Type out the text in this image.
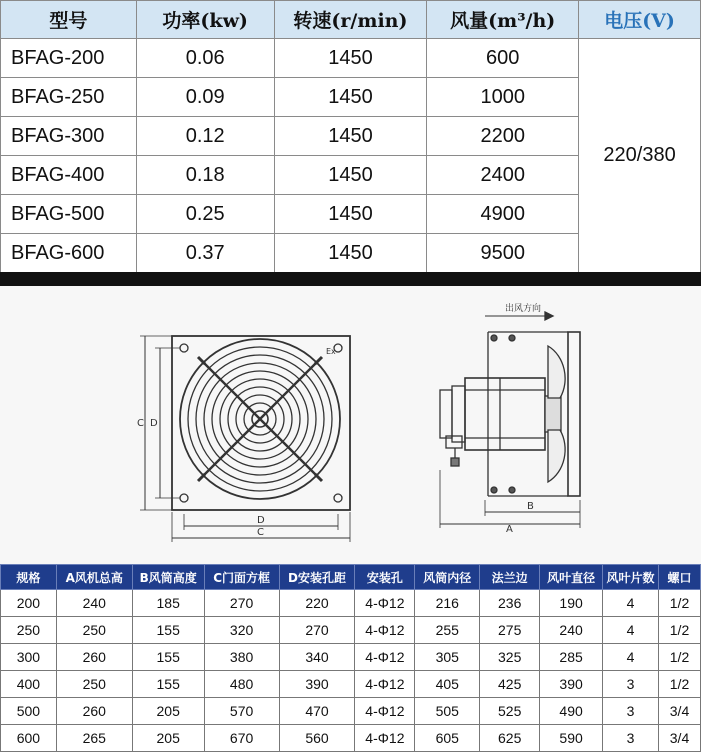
型号	功率(kw)	转速(r/min)	风量(m³/h)	电压(V)
BFAG-200	0.06	1450	600	220/380
BFAG-250	0.09	1450	1000	
BFAG-300	0.12	1450	2200	
BFAG-400	0.18	1450	2400	
BFAG-500	0.25	1450	4900	
BFAG-600	0.37	1450	9500	
C D
D
C
Ex
出风方向
B
A
规格	A风机总高	B风筒高度	C门面方框	D安装孔距	安装孔	风筒内径	法兰边	风叶直径	风叶片数	螺口
200	240	185	270	220	4-Φ12	216	236	190	4	1/2
250	250	155	320	270	4-Φ12	255	275	240	4	1/2
300	260	155	380	340	4-Φ12	305	325	285	4	1/2
400	250	155	480	390	4-Φ12	405	425	390	3	1/2
500	260	205	570	470	4-Φ12	505	525	490	3	3/4
600	265	205	670	560	4-Φ12	605	625	590	3	3/4
